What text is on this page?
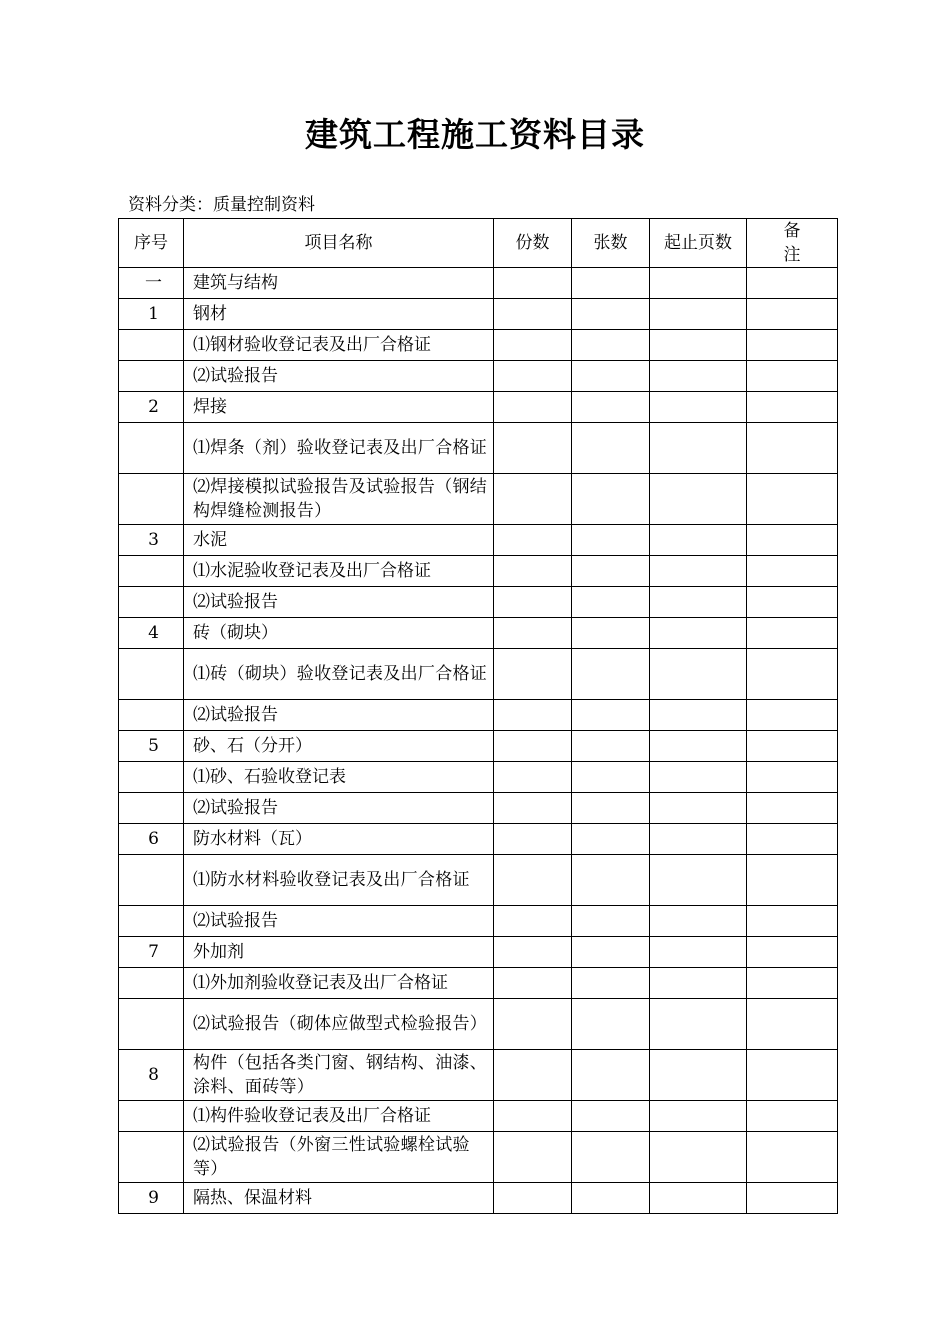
建筑工程施工资料目录
资料分类：质量控制资料
序号	项目名称	份数	张数	起止页数	备 注
一	建筑与结构				
1	钢材				
	⑴钢材验收登记表及出厂合格证				
	⑵试验报告				
2	焊接				
	⑴焊条（剂）验收登记表及出厂合格证				
	⑵焊接模拟试验报告及试验报告（钢结构焊缝检测报告）				
3	水泥				
	⑴水泥验收登记表及出厂合格证				
	⑵试验报告				
4	砖（砌块）				
	⑴砖（砌块）验收登记表及出厂合格证				
	⑵试验报告				
5	砂、石（分开）				
	⑴砂、石验收登记表				
	⑵试验报告				
6	防水材料（瓦）				
	⑴防水材料验收登记表及出厂合格证				
	⑵试验报告				
7	外加剂				
	⑴外加剂验收登记表及出厂合格证				
	⑵试验报告（砌体应做型式检验报告）				
8	构件（包括各类门窗、钢结构、油漆、涂料、面砖等）				
	⑴构件验收登记表及出厂合格证				
	⑵试验报告（外窗三性试验螺栓试验等）				
9	隔热、保温材料				
